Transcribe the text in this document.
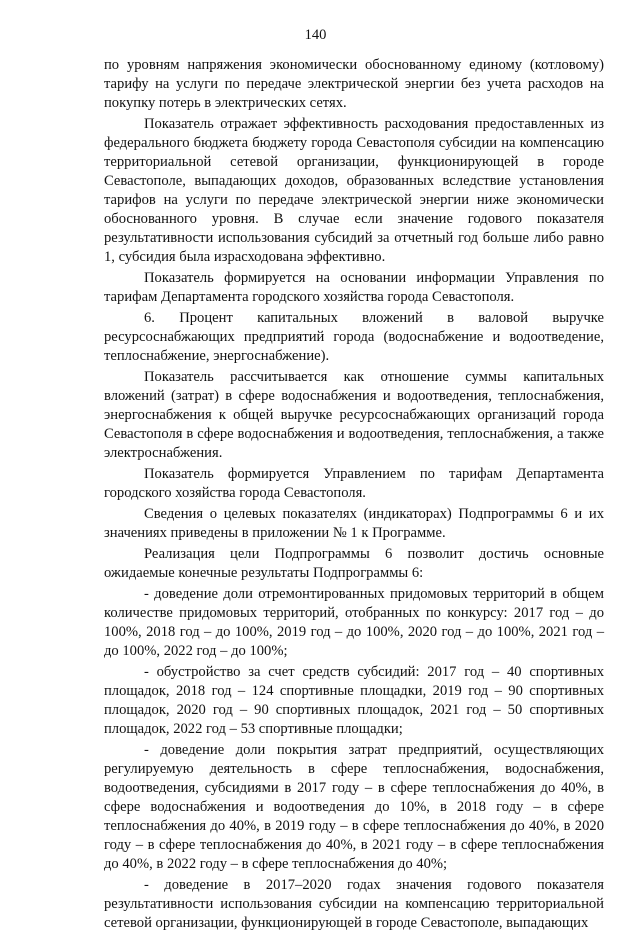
140

по уровням напряжения экономически обоснованному единому (котловому) тарифу на услуги по передаче электрической энергии без учета расходов на покупку потерь в электрических сетях.

Показатель отражает эффективность расходования предоставленных из федерального бюджета бюджету города Севастополя субсидии на компенсацию территориальной сетевой организации, функционирующей в городе Севастополе, выпадающих доходов, образованных вследствие установления тарифов на услуги по передаче электрической энергии ниже экономически обоснованного уровня. В случае если значение годового показателя результативности использования субсидий за отчетный год больше либо равно 1, субсидия была израсходована эффективно.

Показатель формируется на основании информации Управления по тарифам Департамента городского хозяйства города Севастополя.

6. Процент капитальных вложений в валовой выручке ресурсоснабжающих предприятий города (водоснабжение и водоотведение, теплоснабжение, энергоснабжение).

Показатель рассчитывается как отношение суммы капитальных вложений (затрат) в сфере водоснабжения и водоотведения, теплоснабжения, энергоснабжения к общей выручке ресурсоснабжающих организаций города Севастополя в сфере водоснабжения и водоотведения, теплоснабжения, а также электроснабжения.

Показатель формируется Управлением по тарифам Департамента городского хозяйства города Севастополя.

Сведения о целевых показателях (индикаторах) Подпрограммы 6 и их значениях приведены в приложении № 1 к Программе.

Реализация цели Подпрограммы 6 позволит достичь основные ожидаемые конечные результаты Подпрограммы 6:

- доведение доли отремонтированных придомовых территорий в общем количестве придомовых территорий, отобранных по конкурсу: 2017 год – до 100%, 2018 год – до 100%, 2019 год – до 100%, 2020 год – до 100%, 2021 год – до 100%, 2022 год – до 100%;

- обустройство за счет средств субсидий: 2017 год – 40 спортивных площадок, 2018 год – 124 спортивные площадки, 2019 год – 90 спортивных площадок, 2020 год – 90 спортивных площадок, 2021 год – 50 спортивных площадок, 2022 год – 53 спортивные площадки;

- доведение доли покрытия затрат предприятий, осуществляющих регулируемую деятельность в сфере теплоснабжения, водоснабжения, водоотведения, субсидиями в 2017 году – в сфере теплоснабжения до 40%, в сфере водоснабжения и водоотведения до 10%, в 2018 году – в сфере теплоснабжения до 40%, в 2019 году – в сфере теплоснабжения до 40%, в 2020 году – в сфере теплоснабжения до 40%, в 2021 году – в сфере теплоснабжения до 40%, в 2022 году – в сфере теплоснабжения до 40%;

- доведение в 2017–2020 годах значения годового показателя результативности использования субсидии на компенсацию территориальной сетевой организации, функционирующей в городе Севастополе, выпадающих
